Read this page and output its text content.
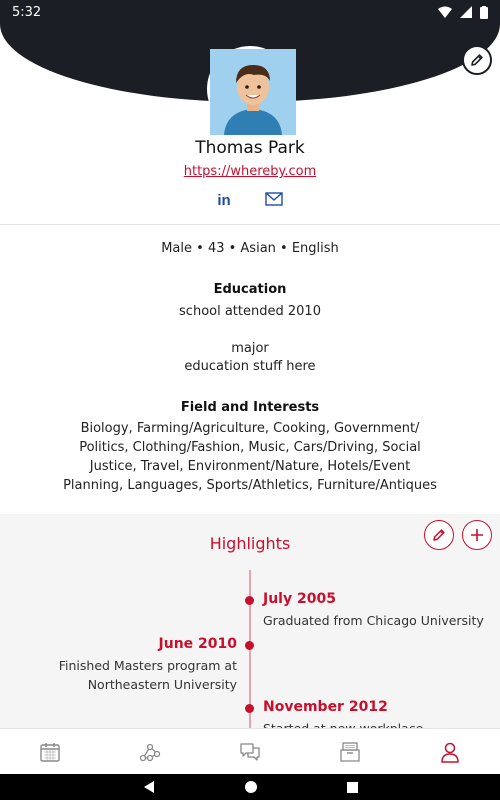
5:32
Thomas Park
https://whereby.com
in
Male • 43 • Asian • English
Education
school attended 2010
major
education stuff here
Field and Interests
Biology, Farming/Agriculture, Cooking, Government/
Politics, Clothing/Fashion, Music, Cars/Driving, Social
Justice, Travel, Environment/Nature, Hotels/Event
Planning, Languages, Sports/Athletics, Furniture/Antiques
Highlights
July 2005
Graduated from Chicago University
June 2010
Finished Masters program at
Northeastern University
November 2012
